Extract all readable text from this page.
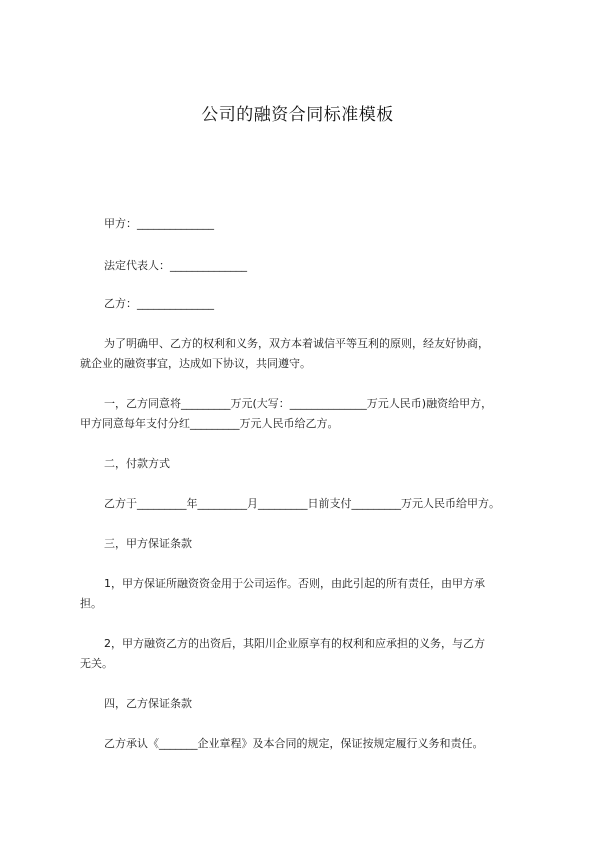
公司的融资合同标准模板
甲方：______________
法定代表人：______________
乙方：______________
为了明确甲、乙方的权利和义务，双方本着诚信平等互利的原则，经友好协商，
就企业的融资事宜，达成如下协议，共同遵守。
一，乙方同意将_________万元(大写：______________万元人民币)融资给甲方，
甲方同意每年支付分红_________万元人民币给乙方。
二，付款方式
乙方于_________年_________月_________日前支付_________万元人民币给甲方。
三，甲方保证条款
1，甲方保证所融资资金用于公司运作。否则，由此引起的所有责任，由甲方承
担。
2，甲方融资乙方的出资后，其阳川企业原享有的权利和应承担的义务，与乙方
无关。
四，乙方保证条款
乙方承认《_______企业章程》及本合同的规定，保证按规定履行义务和责任。
